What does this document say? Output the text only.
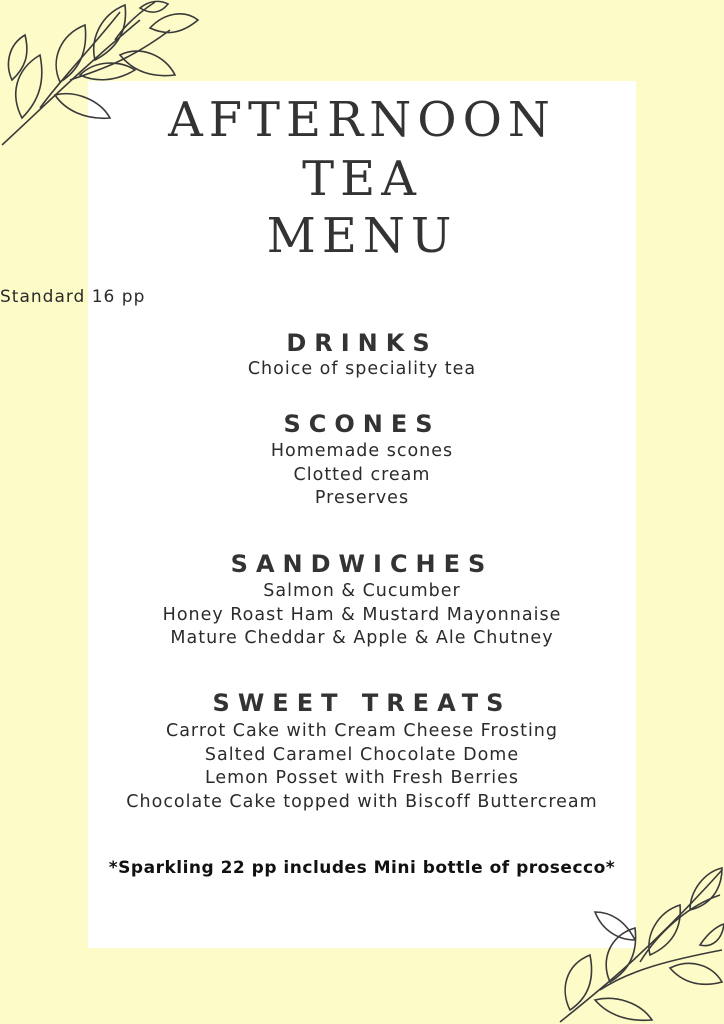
AFTERNOON
TEA
MENU
Standard 16 pp
DRINKS
Choice of speciality tea
SCONES
Homemade scones
Clotted cream
Preserves
SANDWICHES
Salmon & Cucumber
Honey Roast Ham & Mustard Mayonnaise
Mature Cheddar & Apple & Ale Chutney
SWEET TREATS
Carrot Cake with Cream Cheese Frosting
Salted Caramel Chocolate Dome
Lemon Posset with Fresh Berries
Chocolate Cake topped with Biscoff Buttercream
*Sparkling 22 pp includes Mini bottle of prosecco*
